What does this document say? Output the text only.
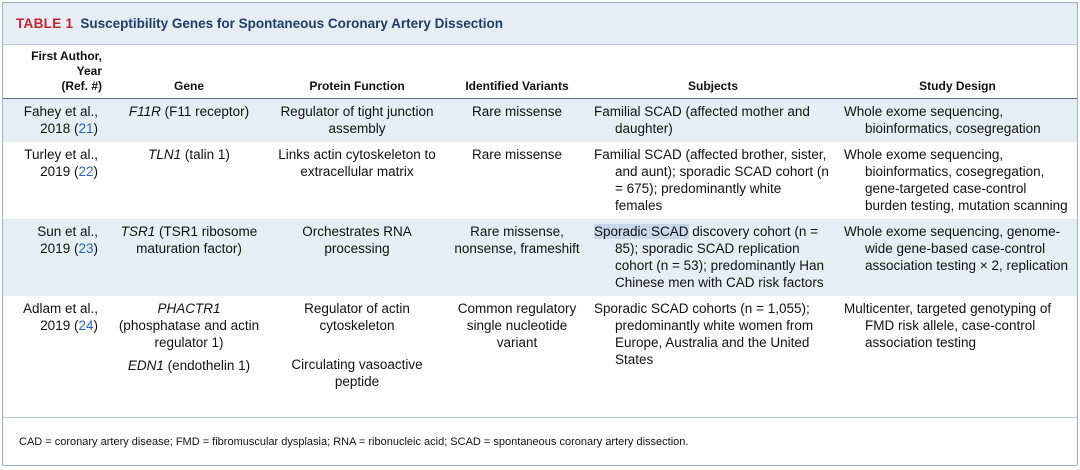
TABLE 1 Susceptibility Genes for Spontaneous Coronary Artery Dissection
First Author, Year
(Ref. #)	Gene	Protein Function	Identified Variants	Subjects	Study Design
Fahey et al.,
2018 (21)	F11R (F11 receptor)	Regulator of tight junction assembly	Rare missense	Familial SCAD (affected mother and daughter)	Whole exome sequencing, bioinformatics, cosegregation

Turley et al.,
2019 (22)	TLN1 (talin 1)	Links actin cytoskeleton to extracellular matrix	Rare missense	Familial SCAD (affected brother, sister, and aunt); sporadic SCAD cohort (n = 675); predominantly white females	Whole exome sequencing, bioinformatics, cosegregation, gene-targeted case-control burden testing, mutation scanning

Sun et al.,
2019 (23)	TSR1 (TSR1 ribosome maturation factor)	Orchestrates RNA processing	Rare missense, nonsense, frameshift	Sporadic SCAD discovery cohort (n = 85); sporadic SCAD replication cohort (n = 53); predominantly Han Chinese men with CAD risk factors	Whole exome sequencing, genome-wide gene-based case-control association testing × 2, replication

Adlam et al.,
2019 (24)	PHACTR1
(phosphatase and actin regulator 1)
EDN1 (endothelin 1)	Regulator of actin cytoskeleton
Circulating vasoactive peptide	Common regulatory single nucleotide variant	Sporadic SCAD cohorts (n = 1,055); predominantly white women from Europe, Australia and the United States	Multicenter, targeted genotyping of FMD risk allele, case-control association testing
CAD = coronary artery disease; FMD = fibromuscular dysplasia; RNA = ribonucleic acid; SCAD = spontaneous coronary artery dissection.
